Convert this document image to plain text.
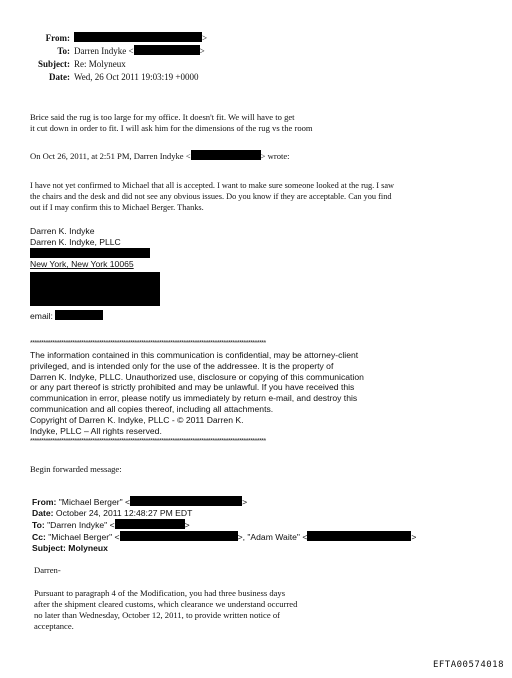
From:	>
To: Darren Indyke <	>
Subject: Re: Molyneux
Date: Wed, 26 Oct 2011 19:03:19 +0000
Brice said the rug is too large for my office. It doesn't fit. We will have to get
it cut down in order to fit. I will ask him for the dimensions of the rug vs the room
On Oct 26, 2011, at 2:51 PM, Darren Indyke <	> wrote:
I have not yet confirmed to Michael that all is accepted. I want to make sure someone looked at the rug. I saw
the chairs and the desk and did not see any obvious issues. Do you know if they are acceptable. Can you find
out if I may confirm this to Michael Berger. Thanks.
Darren K. Indyke
Darren K. Indyke, PLLC
New York, New York 10065
email:
**********************************************************************************************************
The information contained in this communication is confidential, may be attorney-client
privileged, and is intended only for the use of the addressee. It is the property of
Darren K. Indyke, PLLC. Unauthorized use, disclosure or copying of this communication
or any part thereof is strictly prohibited and may be unlawful. If you have received this
communication in error, please notify us immediately by return e-mail, and destroy this
communication and all copies thereof, including all attachments.
Copyright of Darren K. Indyke, PLLC - © 2011 Darren K.
Indyke, PLLC – All rights reserved.
**********************************************************************************************************
Begin forwarded message:
From: "Michael Berger" <	>
Date: October 24, 2011 12:48:27 PM EDT
To: "Darren Indyke" <	>
Cc: "Michael Berger" <	>, "Adam Waite" <	>
Subject: Molyneux
Darren-
Pursuant to paragraph 4 of the Modification, you had three business days
after the shipment cleared customs, which clearance we understand occurred
no later than Wednesday, October 12, 2011, to provide written notice of
acceptance.
EFTA00574018
